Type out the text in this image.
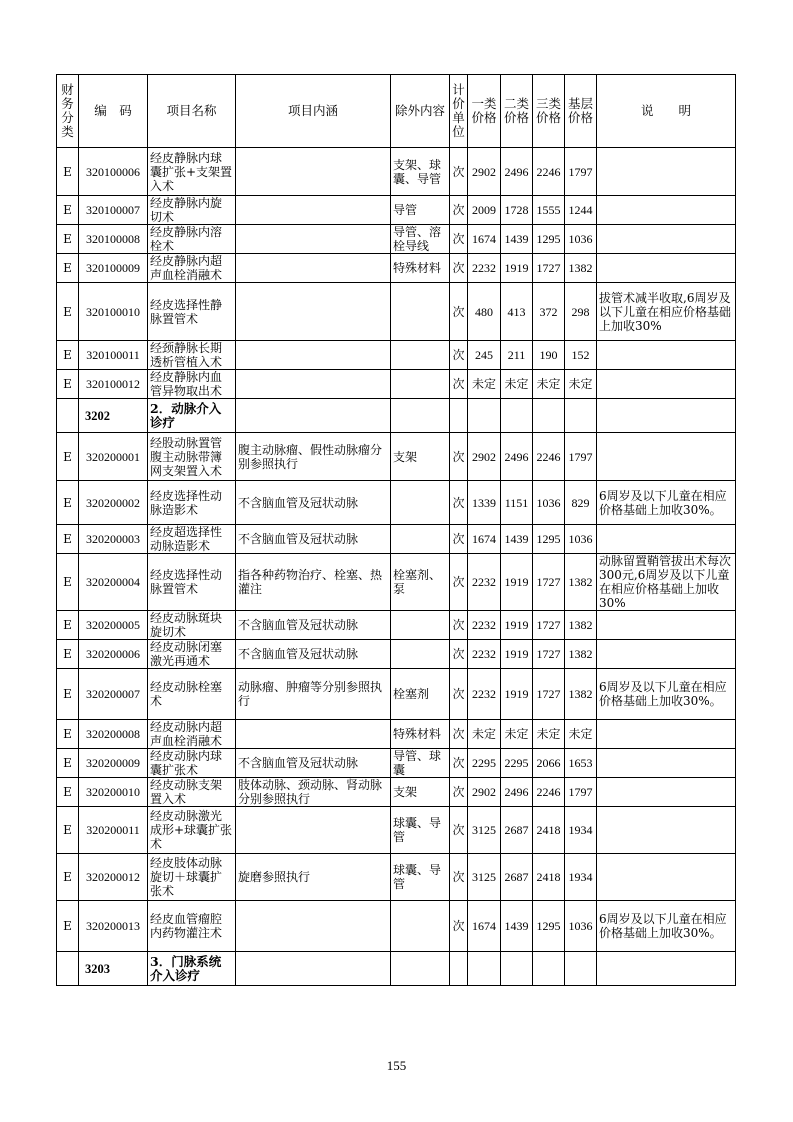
财务分类	编　码	项目名称	项目内涵	除外内容	计价单位	一类价格	二类价格	三类价格	基层价格	说　　明
E	320100006	经皮静脉内球囊扩张+支架置入术		支架、球囊、导管	次	2902	2496	2246	1797	
E	320100007	经皮静脉内旋切术		导管	次	2009	1728	1555	1244	
E	320100008	经皮静脉内溶栓术		导管、溶栓导线	次	1674	1439	1295	1036	
E	320100009	经皮静脉内超声血栓消融术		特殊材料	次	2232	1919	1727	1382	
E	320100010	经皮选择性静脉置管术			次	480	413	372	298	拔管术减半收取,6周岁及以下儿童在相应价格基础上加收30%
E	320100011	经颈静脉长期透析管植入术			次	245	211	190	152	
E	320100012	经皮静脉内血管异物取出术			次	未定	未定	未定	未定	
	3202	2．动脉介入诊疗								
E	320200001	经股动脉置管腹主动脉带簿网支架置入术	腹主动脉瘤、假性动脉瘤分别参照执行	支架	次	2902	2496	2246	1797	
E	320200002	经皮选择性动脉造影术	不含脑血管及冠状动脉		次	1339	1151	1036	829	6周岁及以下儿童在相应价格基础上加收30%。
E	320200003	经皮超选择性动脉造影术	不含脑血管及冠状动脉		次	1674	1439	1295	1036	
E	320200004	经皮选择性动脉置管术	指各种药物治疗、栓塞、热灌注	栓塞剂、泵	次	2232	1919	1727	1382	动脉留置鞘管拔出术每次300元,6周岁及以下儿童在相应价格基础上加收30%
E	320200005	经皮动脉斑块旋切术	不含脑血管及冠状动脉		次	2232	1919	1727	1382	
E	320200006	经皮动脉闭塞激光再通术	不含脑血管及冠状动脉		次	2232	1919	1727	1382	
E	320200007	经皮动脉栓塞术	动脉瘤、肿瘤等分别参照执行	栓塞剂	次	2232	1919	1727	1382	6周岁及以下儿童在相应价格基础上加收30%。
E	320200008	经皮动脉内超声血栓消融术		特殊材料	次	未定	未定	未定	未定	
E	320200009	经皮动脉内球囊扩张术	不含脑血管及冠状动脉	导管、球囊	次	2295	2295	2066	1653	
E	320200010	经皮动脉支架置入术	肢体动脉、颈动脉、肾动脉分别参照执行	支架	次	2902	2496	2246	1797	
E	320200011	经皮动脉激光成形+球囊扩张术		球囊、导管	次	3125	2687	2418	1934	
E	320200012	经皮肢体动脉旋切＋球囊扩张术	旋磨参照执行	球囊、导管	次	3125	2687	2418	1934	
E	320200013	经皮血管瘤腔内药物灌注术			次	1674	1439	1295	1036	6周岁及以下儿童在相应价格基础上加收30%。
	3203	3．门脉系统介入诊疗								
155
